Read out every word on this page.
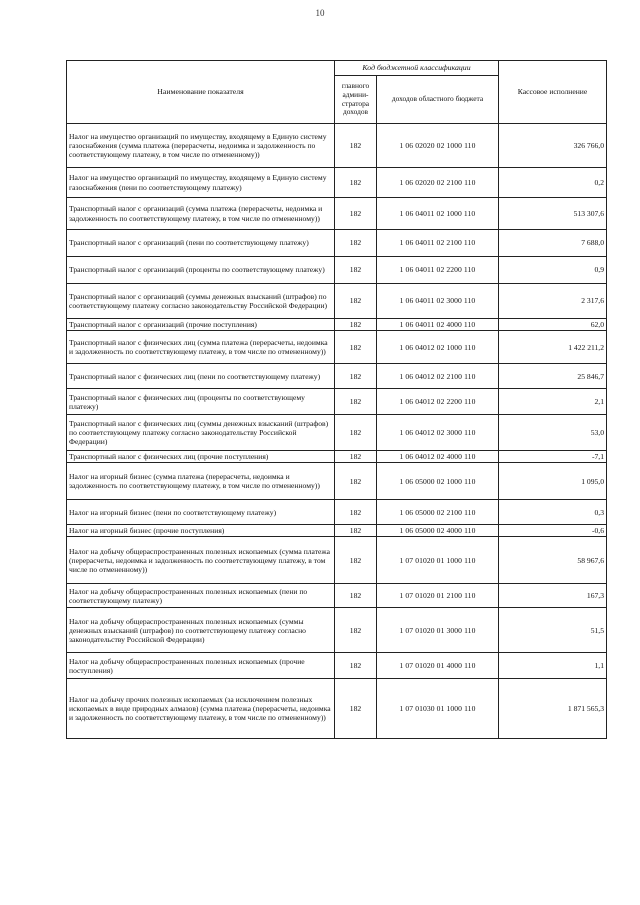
10
Наименование показателя	Код бюджетной классификации		Кассовое исполнение
	главного админи-стратора доходов	доходов областного бюджета	
Налог на имущество организаций по имуществу, входящему в Единую систему газоснабжения (сумма платежа (перерасчеты, недоимка и задолженность по соответствующему платежу, в том числе по отмененному))	182	1 06 02020 02 1000 110	326 766,0
Налог на имущество организаций по имуществу, входящему в Единую систему газоснабжения (пени по соответствующему платежу)	182	1 06 02020 02 2100 110	0,2
Транспортный налог с организаций (сумма платежа (перерасчеты, недоимка и задолженность по соответствующему платежу, в том числе по отмененному))	182	1 06 04011 02 1000 110	513 307,6
Транспортный налог с организаций (пени по соответствующему платежу)	182	1 06 04011 02 2100 110	7 688,0
Транспортный налог с организаций (проценты по соответствующему платежу)	182	1 06 04011 02 2200 110	0,9
Транспортный налог с организаций (суммы денежных взысканий (штрафов) по соответствующему платежу согласно законодательству Российской Федерации)	182	1 06 04011 02 3000 110	2 317,6
Транспортный налог с организаций (прочие поступления)	182	1 06 04011 02 4000 110	62,0
Транспортный налог с физических лиц (сумма платежа (перерасчеты, недоимка и задолженность по соответствующему платежу, в том числе по отмененному))	182	1 06 04012 02 1000 110	1 422 211,2
Транспортный налог с физических лиц (пени по соответствующему платежу)	182	1 06 04012 02 2100 110	25 846,7
Транспортный налог с физических лиц (проценты по соответствующему платежу)	182	1 06 04012 02 2200 110	2,1
Транспортный налог с физических лиц (суммы денежных взысканий (штрафов) по соответствующему платежу согласно законодательству Российской Федерации)	182	1 06 04012 02 3000 110	53,0
Транспортный налог с физических лиц (прочие поступления)	182	1 06 04012 02 4000 110	-7,1
Налог на игорный бизнес (сумма платежа (перерасчеты, недоимка и задолженность по соответствующему платежу, в том числе по отмененному))	182	1 06 05000 02 1000 110	1 095,0
Налог на игорный бизнес (пени по соответствующему платежу)	182	1 06 05000 02 2100 110	0,3
Налог на игорный бизнес (прочие поступления)	182	1 06 05000 02 4000 110	-0,6
Налог на добычу общераспространенных полезных ископаемых (сумма платежа (перерасчеты, недоимка и задолженность по соответствующему платежу, в том числе по отмененному))	182	1 07 01020 01 1000 110	58 967,6
Налог на добычу общераспространенных полезных ископаемых (пени по соответствующему платежу)	182	1 07 01020 01 2100 110	167,3
Налог на добычу общераспространенных полезных ископаемых (суммы денежных взысканий (штрафов) по соответствующему платежу согласно законодательству Российской Федерации)	182	1 07 01020 01 3000 110	51,5
Налог на добычу общераспространенных полезных ископаемых (прочие поступления)	182	1 07 01020 01 4000 110	1,1
Налог на добычу прочих полезных ископаемых (за исключением полезных ископаемых в виде природных алмазов) (сумма платежа (перерасчеты, недоимка и задолженность по соответствующему платежу, в том числе по отмененному))	182	1 07 01030 01 1000 110	1 871 565,3
